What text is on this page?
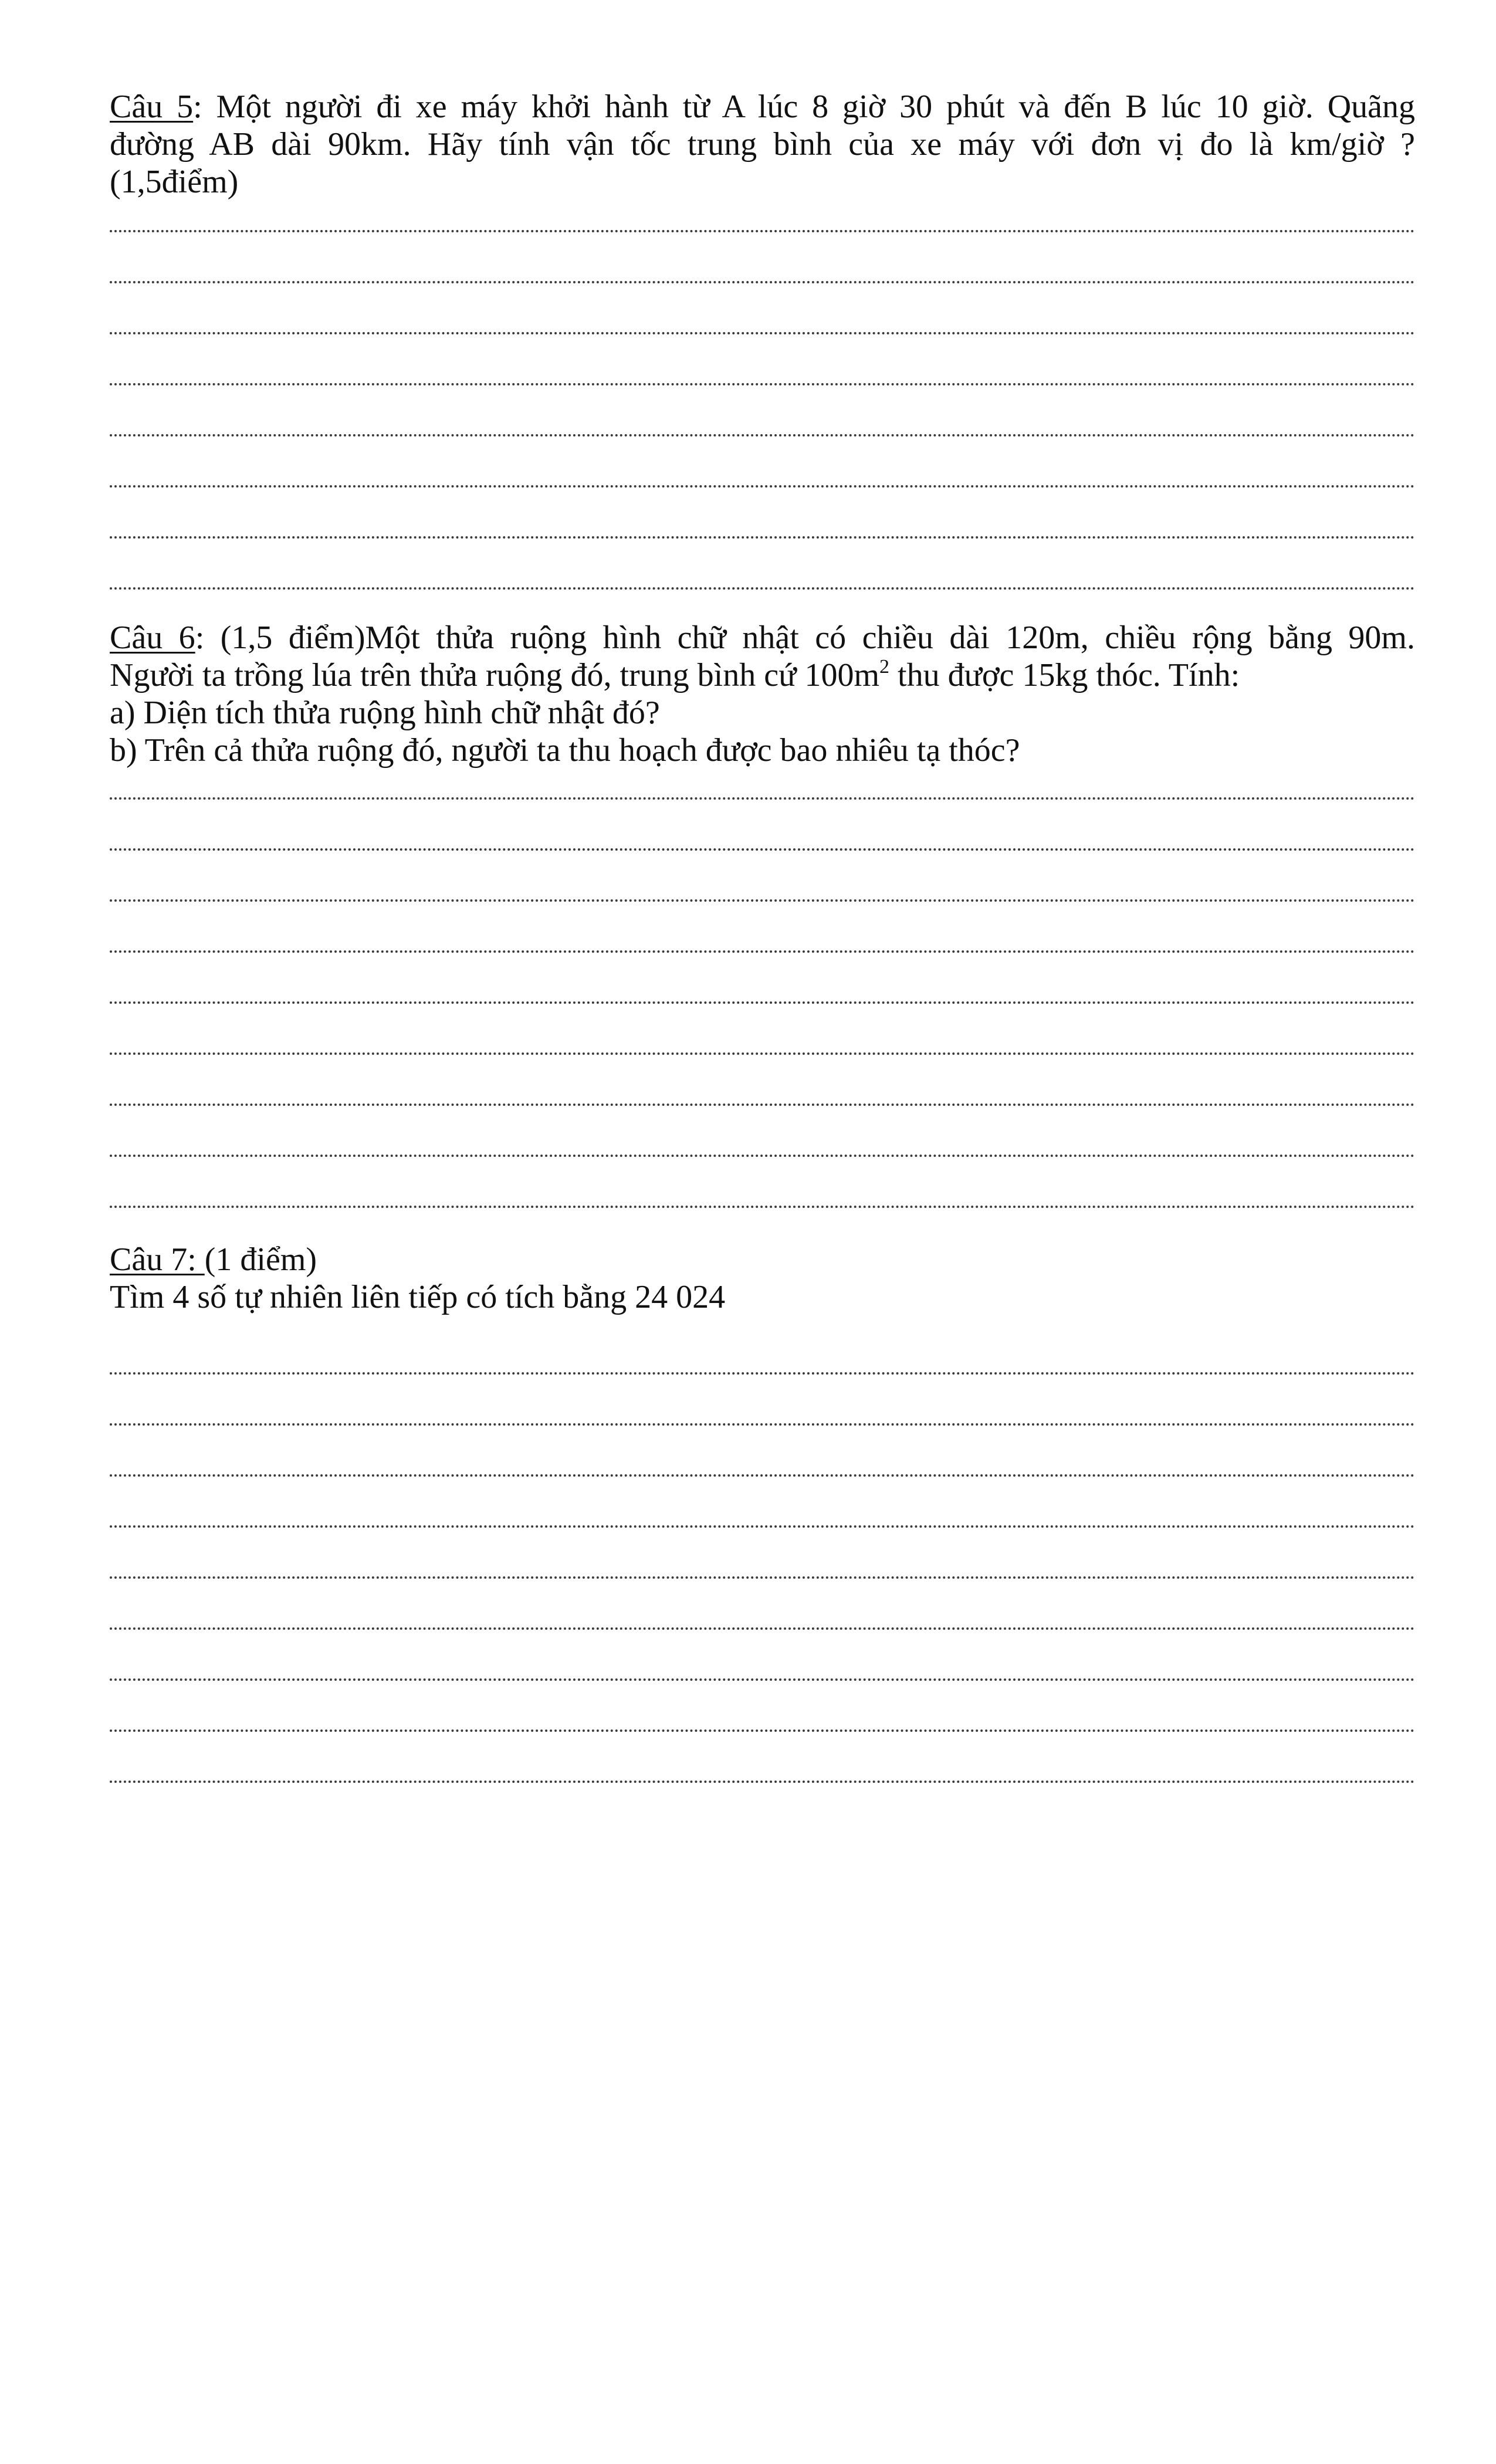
Câu 5: Một người đi xe máy khởi hành từ A lúc 8 giờ 30 phút và đến B lúc 10 giờ. Quãng

đường AB dài 90km. Hãy tính vận tốc trung bình của xe máy với đơn vị đo là km/giờ ?

(1,5điểm)

Câu 6: (1,5 điểm)Một thửa ruộng hình chữ nhật có chiều dài 120m, chiều rộng bằng 90m.

Người ta trồng lúa trên thửa ruộng đó, trung bình cứ $100m^2$ thu được 15kg thóc. Tính:

a) Diện tích thửa ruộng hình chữ nhật đó?

b) Trên cả thửa ruộng đó, người ta thu hoạch được bao nhiêu tạ thóc?

Câu 7: (1 điểm)

Tìm 4 số tự nhiên liên tiếp có tích bằng 24 024
